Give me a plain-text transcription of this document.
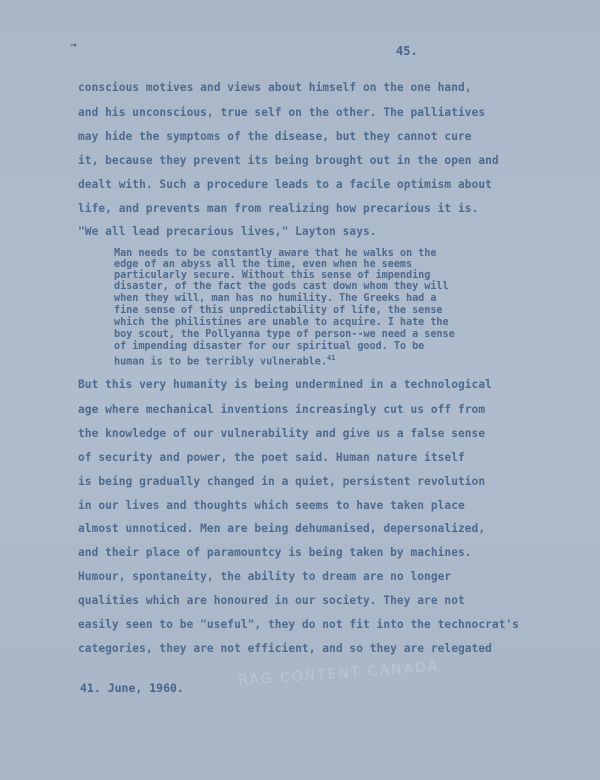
→	45.
conscious motives and views about himself on the one hand,
and his unconscious, true self on the other. The palliatives
may hide the symptoms of the disease, but they cannot cure
it, because they prevent its being brought out in the open and
dealt with. Such a procedure leads to a facile optimism about
life, and prevents man from realizing how precarious it is.
"We all lead precarious lives," Layton says.
Man needs to be constantly aware that he walks on the
edge of an abyss all the time, even when he seems
particularly secure. Without this sense of impending
disaster, of the fact the gods cast down whom they will
when they will, man has no humility. The Greeks had a
fine sense of this unpredictability of life, the sense
which the philistines are unable to acquire. I hate the
boy scout, the Pollyanna type of person--we need a sense
of impending disaster for our spiritual good. To be
human is to be terribly vulnerable.$^{41}$
But this very humanity is being undermined in a technological
age where mechanical inventions increasingly cut us off from
the knowledge of our vulnerability and give us a false sense
of security and power, the poet said. Human nature itself
is being gradually changed in a quiet, persistent revolution
in our lives and thoughts which seems to have taken place
almost unnoticed. Men are being dehumanised, depersonalized,
and their place of paramountcy is being taken by machines.
Humour, spontaneity, the ability to dream are no longer
qualities which are honoured in our society. They are not
easily seen to be "useful", they do not fit into the technocrat's
categories, they are not efficient, and so they are relegated
RAG CONTENT CANADA
41. June, 1960.
